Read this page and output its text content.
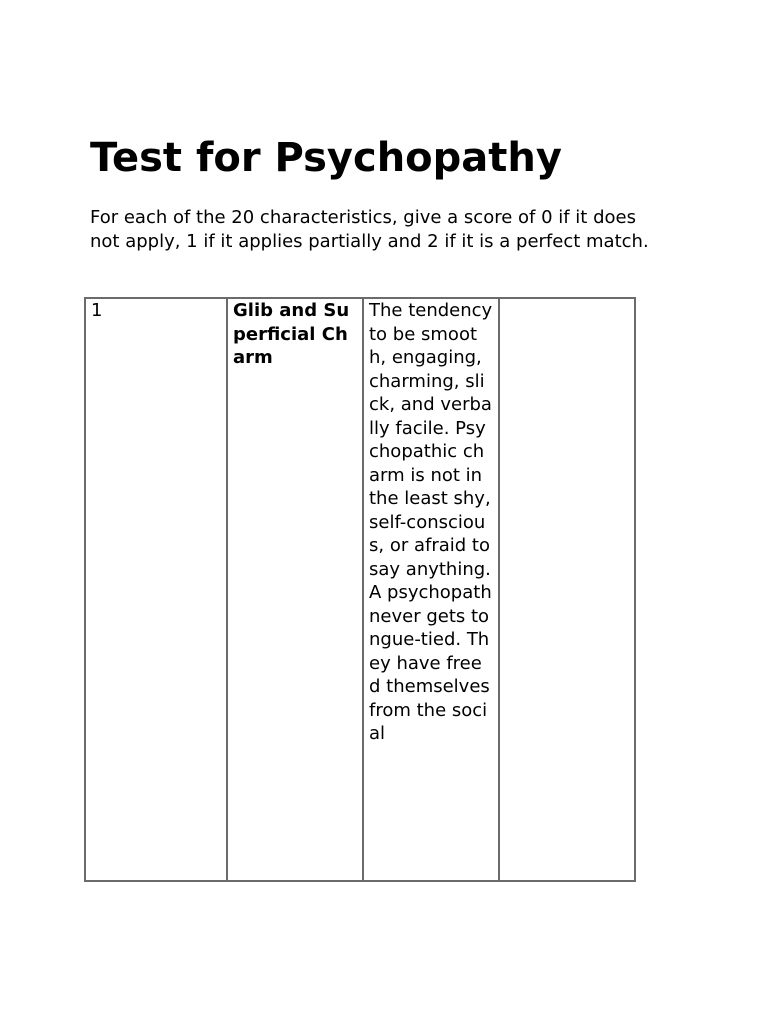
Test for Psychopathy

For each of the 20 characteristics, give a score of 0 if it does not apply, 1 if it applies partially and 2 if it is a perfect match.

1	Glib and Superficial Charm	The tendency to be smooth, engaging, charming, slick, and verbally facile. Psychopathic charm is not in the least shy, self-conscious, or afraid to say anything. A psychopath never gets tongue-tied. They have freed themselves from the social	
